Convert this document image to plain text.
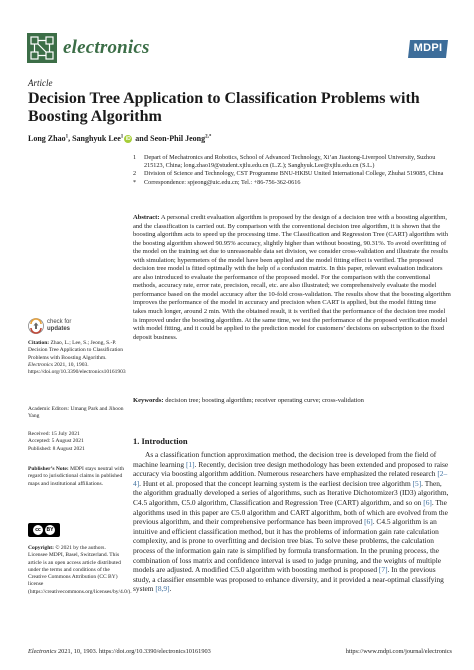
electronics	MDPI
Article
Decision Tree Application to Classification Problems with Boosting Algorithm
Long Zhao$^1$, Sanghyuk Lee$^1$ iD and Seon-Phil Jeong$^{2,*}$
1	Depart of Mechatronics and Robotics, School of Advanced Technology, Xi’an Jiaotong-Liverpool University, Suzhou 215123, China; long.zhao19@student.xjtlu.edu.cn (L.Z.); Sanghyuk.Lee@xjtlu.edu.cn (S.L.)
2	Division of Science and Technology, CST Programme BNU-HKBU United International College, Zhuhai 519085, China
*	Correspondence: spjeong@uic.edu.cn; Tel.: +86-756-362-0616

Abstract: A personal credit evaluation algorithm is proposed by the design of a decision tree with a boosting algorithm, and the classification is carried out. By comparison with the conventional decision tree algorithm, it is shown that the boosting algorithm acts to speed up the processing time. The Classification and Regression Tree (CART) algorithm with the boosting algorithm showed 90.95% accuracy, slightly higher than without boosting, 90.31%. To avoid overfitting of the model on the training set due to unreasonable data set division, we consider cross-validation and illustrate the results with simulation; hypermeters of the model have been applied and the model fitting effect is verified. The proposed decision tree model is fitted optimally with the help of a confusion matrix. In this paper, relevant evaluation indicators are also introduced to evaluate the performance of the proposed model. For the comparison with the conventional methods, accuracy rate, error rate, precision, recall, etc. are also illustrated; we comprehensively evaluate the model performance based on the model accuracy after the 10-fold cross-validation. The results show that the boosting algorithm improves the performance of the model in accuracy and precision when CART is applied, but the model fitting time takes much longer, around 2 min. With the obtained result, it is verified that the performance of the decision tree model is improved under the boosting algorithm. At the same time, we test the performance of the proposed verification model with model fitting, and it could be applied to the prediction model for customers’ decisions on subscription to the fixed deposit business.

Keywords: decision tree; boosting algorithm; receiver operating curve; cross-validation
check for
updates
Citation: Zhao, L.; Lee, S.; Jeong, S.-P. Decision Tree Application to Classification Problems with Boosting Algorithm. Electronics 2021, 10, 1903. https://doi.org/10.3390/electronics10161903
Academic Editors: Umang Park and Jihoon Yang
Received: 15 July 2021
Accepted: 5 August 2021
Published: 8 August 2021
Publisher’s Note: MDPI stays neutral with regard to jurisdictional claims in published maps and institutional affiliations.
cc	BY
Copyright: © 2021 by the authors. Licensee MDPI, Basel, Switzerland. This article is an open access article distributed under the terms and conditions of the Creative Commons Attribution (CC BY) license (https://creativecommons.org/licenses/by/4.0/).
1. Introduction

As a classification function approximation method, the decision tree is developed from the field of machine learning [1]. Recently, decision tree design methodology has been extended and proposed to raise accuracy via boosting algorithm addition. Numerous researchers have emphasized the related research [2–4]. Hunt et al. proposed that the concept learning system is the earliest decision tree algorithm [5]. Then, the algorithm gradually developed a series of algorithms, such as Iterative Dichotomizer3 (ID3) algorithm, C4.5 algorithm, C5.0 algorithm, Classification and Regression Tree (CART) algorithm, and so on [6]. The algorithms used in this paper are C5.0 algorithm and CART algorithm, both of which are evolved from the previous algorithm, and their comprehensive performance has been improved [6]. C4.5 algorithm is an intuitive and efficient classification method, but it has the problems of information gain rate calculation complexity, and is prone to overfitting and decision tree bias. To solve these problems, the calculation process of the information gain rate is simplified by formula transformation. In the pruning process, the combination of loss matrix and confidence interval is used to judge pruning, and the weights of multiple models are adjusted. A modified C5.0 algorithm with boosting method is proposed [7]. In the previous study, a classifier ensemble was proposed to enhance diversity, and it provided a near-optimal classifying system [8,9].

Electronics 2021, 10, 1903. https://doi.org/10.3390/electronics10161903	https://www.mdpi.com/journal/electronics
